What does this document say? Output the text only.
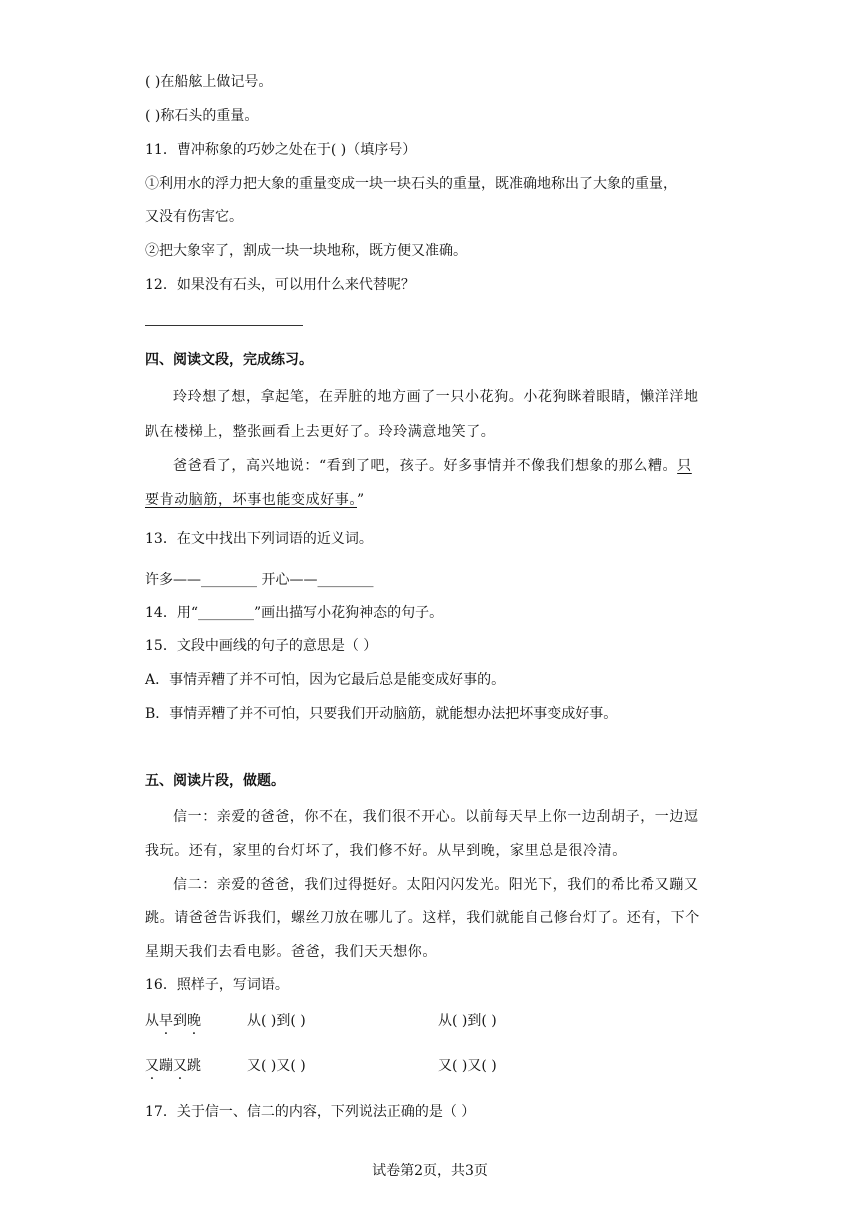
( )在船舷上做记号。
( )称石头的重量。
11．曹冲称象的巧妙之处在于( )（填序号）
①利用水的浮力把大象的重量变成一块一块石头的重量，既准确地称出了大象的重量，
又没有伤害它。
②把大象宰了，割成一块一块地称，既方便又准确。
12．如果没有石头，可以用什么来代替呢？
四、阅读文段，完成练习。
玲玲想了想，拿起笔，在弄脏的地方画了一只小花狗。小花狗眯着眼睛，懒洋洋地
趴在楼梯上，整张画看上去更好了。玲玲满意地笑了。
爸爸看了，高兴地说：“看到了吧，孩子。好多事情并不像我们想象的那么糟。只
要肯动脑筋，坏事也能变成好事。”
13．在文中找出下列词语的近义词。
许多——________ 开心——________
14．用“________”画出描写小花狗神态的句子。
15．文段中画线的句子的意思是（ ）
A．事情弄糟了并不可怕，因为它最后总是能变成好事的。
B．事情弄糟了并不可怕，只要我们开动脑筋，就能想办法把坏事变成好事。
五、阅读片段，做题。
信一：亲爱的爸爸，你不在，我们很不开心。以前每天早上你一边刮胡子，一边逗
我玩。还有，家里的台灯坏了，我们修不好。从早到晚，家里总是很冷清。
信二：亲爱的爸爸，我们过得挺好。太阳闪闪发光。阳光下，我们的希比希又蹦又
跳。请爸爸告诉我们，螺丝刀放在哪儿了。这样，我们就能自己修台灯了。还有，下个
星期天我们去看电影。爸爸，我们天天想你。
16．照样子，写词语。
从早到晚	从( )到( )	从( )到( )
又蹦又跳	又( )又( )	又( )又( )
17．关于信一、信二的内容，下列说法正确的是（ ）
试卷第2页，共3页
